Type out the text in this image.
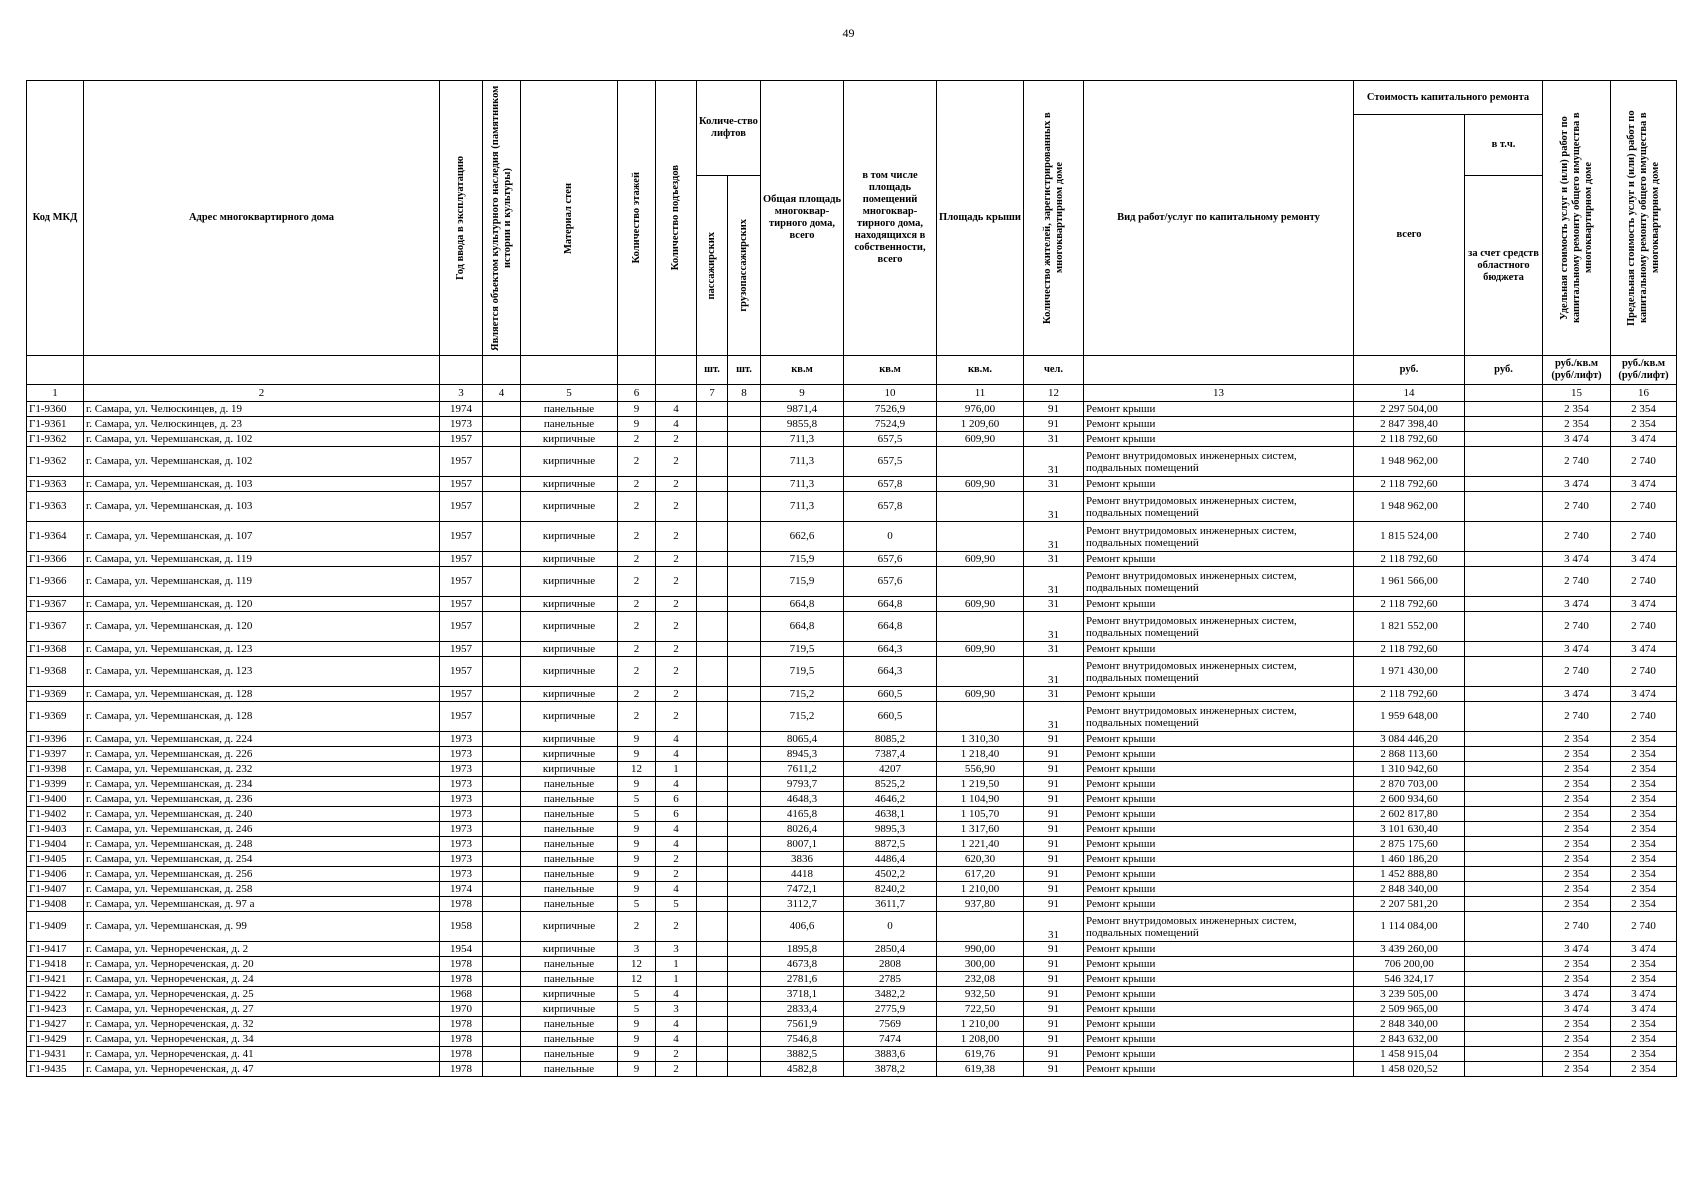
49
Код МКД	Адрес многоквартирного дома	Год ввода в эксплуатацию	Является объектом культурного наследия (памятником истории и культуры)	Материал стен	Количество этажей	Количество подъездов	Количе-ство лифтов		Общая площадь многоквар-тирного дома, всего	в том числе площадь помещений многоквар-тирного дома, находящихся в собственности, всего	Площадь крыши	Количество жителей, зарегистрированных в многоквартирном доме	Вид работ/услуг по капитальному ремонту	Стоимость капитального ремонта		Удельная стоимость услуг и (или) работ по капитальному ремонту общего имущества в многоквартирном доме	Предельная стоимость услуг и (или) работ по капитальному ремонту общего имущества в многоквартирном доме

														всего	в т.ч.		

							пассажирских	грузопассажирских							за счет средств областного бюджета		
							шт.	шт.	кв.м	кв.м	кв.м.	чел.		руб.	руб.	руб./кв.м (руб/лифт)	руб./кв.м (руб/лифт)
1	2	3	4	5	6		7	8	9	10	11	12	13	14		15	16
Г1-9360	г. Самара, ул. Челюскинцев, д. 19	1974		панельные	9	4			9871,4	7526,9	976,00	91	Ремонт крыши	2 297 504,00		2 354	2 354
Г1-9361	г. Самара, ул. Челюскинцев, д. 23	1973		панельные	9	4			9855,8	7524,9	1 209,60	91	Ремонт крыши	2 847 398,40		2 354	2 354
Г1-9362	г. Самара, ул. Черемшанская, д. 102	1957		кирпичные	2	2			711,3	657,5	609,90	31	Ремонт крыши	2 118 792,60		3 474	3 474
Г1-9362	г. Самара, ул. Черемшанская, д. 102	1957		кирпичные	2	2			711,3	657,5		31	Ремонт внутридомовых инженерных систем, подвальных помещений	1 948 962,00		2 740	2 740
Г1-9363	г. Самара, ул. Черемшанская, д. 103	1957		кирпичные	2	2			711,3	657,8	609,90	31	Ремонт крыши	2 118 792,60		3 474	3 474
Г1-9363	г. Самара, ул. Черемшанская, д. 103	1957		кирпичные	2	2			711,3	657,8		31	Ремонт внутридомовых инженерных систем, подвальных помещений	1 948 962,00		2 740	2 740
Г1-9364	г. Самара, ул. Черемшанская, д. 107	1957		кирпичные	2	2			662,6	0		31	Ремонт внутридомовых инженерных систем, подвальных помещений	1 815 524,00		2 740	2 740
Г1-9366	г. Самара, ул. Черемшанская, д. 119	1957		кирпичные	2	2			715,9	657,6	609,90	31	Ремонт крыши	2 118 792,60		3 474	3 474
Г1-9366	г. Самара, ул. Черемшанская, д. 119	1957		кирпичные	2	2			715,9	657,6		31	Ремонт внутридомовых инженерных систем, подвальных помещений	1 961 566,00		2 740	2 740
Г1-9367	г. Самара, ул. Черемшанская, д. 120	1957		кирпичные	2	2			664,8	664,8	609,90	31	Ремонт крыши	2 118 792,60		3 474	3 474
Г1-9367	г. Самара, ул. Черемшанская, д. 120	1957		кирпичные	2	2			664,8	664,8		31	Ремонт внутридомовых инженерных систем, подвальных помещений	1 821 552,00		2 740	2 740
Г1-9368	г. Самара, ул. Черемшанская, д. 123	1957		кирпичные	2	2			719,5	664,3	609,90	31	Ремонт крыши	2 118 792,60		3 474	3 474
Г1-9368	г. Самара, ул. Черемшанская, д. 123	1957		кирпичные	2	2			719,5	664,3		31	Ремонт внутридомовых инженерных систем, подвальных помещений	1 971 430,00		2 740	2 740
Г1-9369	г. Самара, ул. Черемшанская, д. 128	1957		кирпичные	2	2			715,2	660,5	609,90	31	Ремонт крыши	2 118 792,60		3 474	3 474
Г1-9369	г. Самара, ул. Черемшанская, д. 128	1957		кирпичные	2	2			715,2	660,5		31	Ремонт внутридомовых инженерных систем, подвальных помещений	1 959 648,00		2 740	2 740
Г1-9396	г. Самара, ул. Черемшанская, д. 224	1973		кирпичные	9	4			8065,4	8085,2	1 310,30	91	Ремонт крыши	3 084 446,20		2 354	2 354
Г1-9397	г. Самара, ул. Черемшанская, д. 226	1973		кирпичные	9	4			8945,3	7387,4	1 218,40	91	Ремонт крыши	2 868 113,60		2 354	2 354
Г1-9398	г. Самара, ул. Черемшанская, д. 232	1973		кирпичные	12	1			7611,2	4207	556,90	91	Ремонт крыши	1 310 942,60		2 354	2 354
Г1-9399	г. Самара, ул. Черемшанская, д. 234	1973		панельные	9	4			9793,7	8525,2	1 219,50	91	Ремонт крыши	2 870 703,00		2 354	2 354
Г1-9400	г. Самара, ул. Черемшанская, д. 236	1973		панельные	5	6			4648,3	4646,2	1 104,90	91	Ремонт крыши	2 600 934,60		2 354	2 354
Г1-9402	г. Самара, ул. Черемшанская, д. 240	1973		панельные	5	6			4165,8	4638,1	1 105,70	91	Ремонт крыши	2 602 817,80		2 354	2 354
Г1-9403	г. Самара, ул. Черемшанская, д. 246	1973		панельные	9	4			8026,4	9895,3	1 317,60	91	Ремонт крыши	3 101 630,40		2 354	2 354
Г1-9404	г. Самара, ул. Черемшанская, д. 248	1973		панельные	9	4			8007,1	8872,5	1 221,40	91	Ремонт крыши	2 875 175,60		2 354	2 354
Г1-9405	г. Самара, ул. Черемшанская, д. 254	1973		панельные	9	2			3836	4486,4	620,30	91	Ремонт крыши	1 460 186,20		2 354	2 354
Г1-9406	г. Самара, ул. Черемшанская, д. 256	1973		панельные	9	2			4418	4502,2	617,20	91	Ремонт крыши	1 452 888,80		2 354	2 354
Г1-9407	г. Самара, ул. Черемшанская, д. 258	1974		панельные	9	4			7472,1	8240,2	1 210,00	91	Ремонт крыши	2 848 340,00		2 354	2 354
Г1-9408	г. Самара, ул. Черемшанская, д. 97 а	1978		панельные	5	5			3112,7	3611,7	937,80	91	Ремонт крыши	2 207 581,20		2 354	2 354
Г1-9409	г. Самара, ул. Черемшанская, д. 99	1958		кирпичные	2	2			406,6	0		31	Ремонт внутридомовых инженерных систем, подвальных помещений	1 114 084,00		2 740	2 740
Г1-9417	г. Самара, ул. Чернореченская, д. 2	1954		кирпичные	3	3			1895,8	2850,4	990,00	91	Ремонт крыши	3 439 260,00		3 474	3 474
Г1-9418	г. Самара, ул. Чернореченская, д. 20	1978		панельные	12	1			4673,8	2808	300,00	91	Ремонт крыши	706 200,00		2 354	2 354
Г1-9421	г. Самара, ул. Чернореченская, д. 24	1978		панельные	12	1			2781,6	2785	232,08	91	Ремонт крыши	546 324,17		2 354	2 354
Г1-9422	г. Самара, ул. Чернореченская, д. 25	1968		кирпичные	5	4			3718,1	3482,2	932,50	91	Ремонт крыши	3 239 505,00		3 474	3 474
Г1-9423	г. Самара, ул. Чернореченская, д. 27	1970		кирпичные	5	3			2833,4	2775,9	722,50	91	Ремонт крыши	2 509 965,00		3 474	3 474
Г1-9427	г. Самара, ул. Чернореченская, д. 32	1978		панельные	9	4			7561,9	7569	1 210,00	91	Ремонт крыши	2 848 340,00		2 354	2 354
Г1-9429	г. Самара, ул. Чернореченская, д. 34	1978		панельные	9	4			7546,8	7474	1 208,00	91	Ремонт крыши	2 843 632,00		2 354	2 354
Г1-9431	г. Самара, ул. Чернореченская, д. 41	1978		панельные	9	2			3882,5	3883,6	619,76	91	Ремонт крыши	1 458 915,04		2 354	2 354
Г1-9435	г. Самара, ул. Чернореченская, д. 47	1978		панельные	9	2			4582,8	3878,2	619,38	91	Ремонт крыши	1 458 020,52		2 354	2 354
